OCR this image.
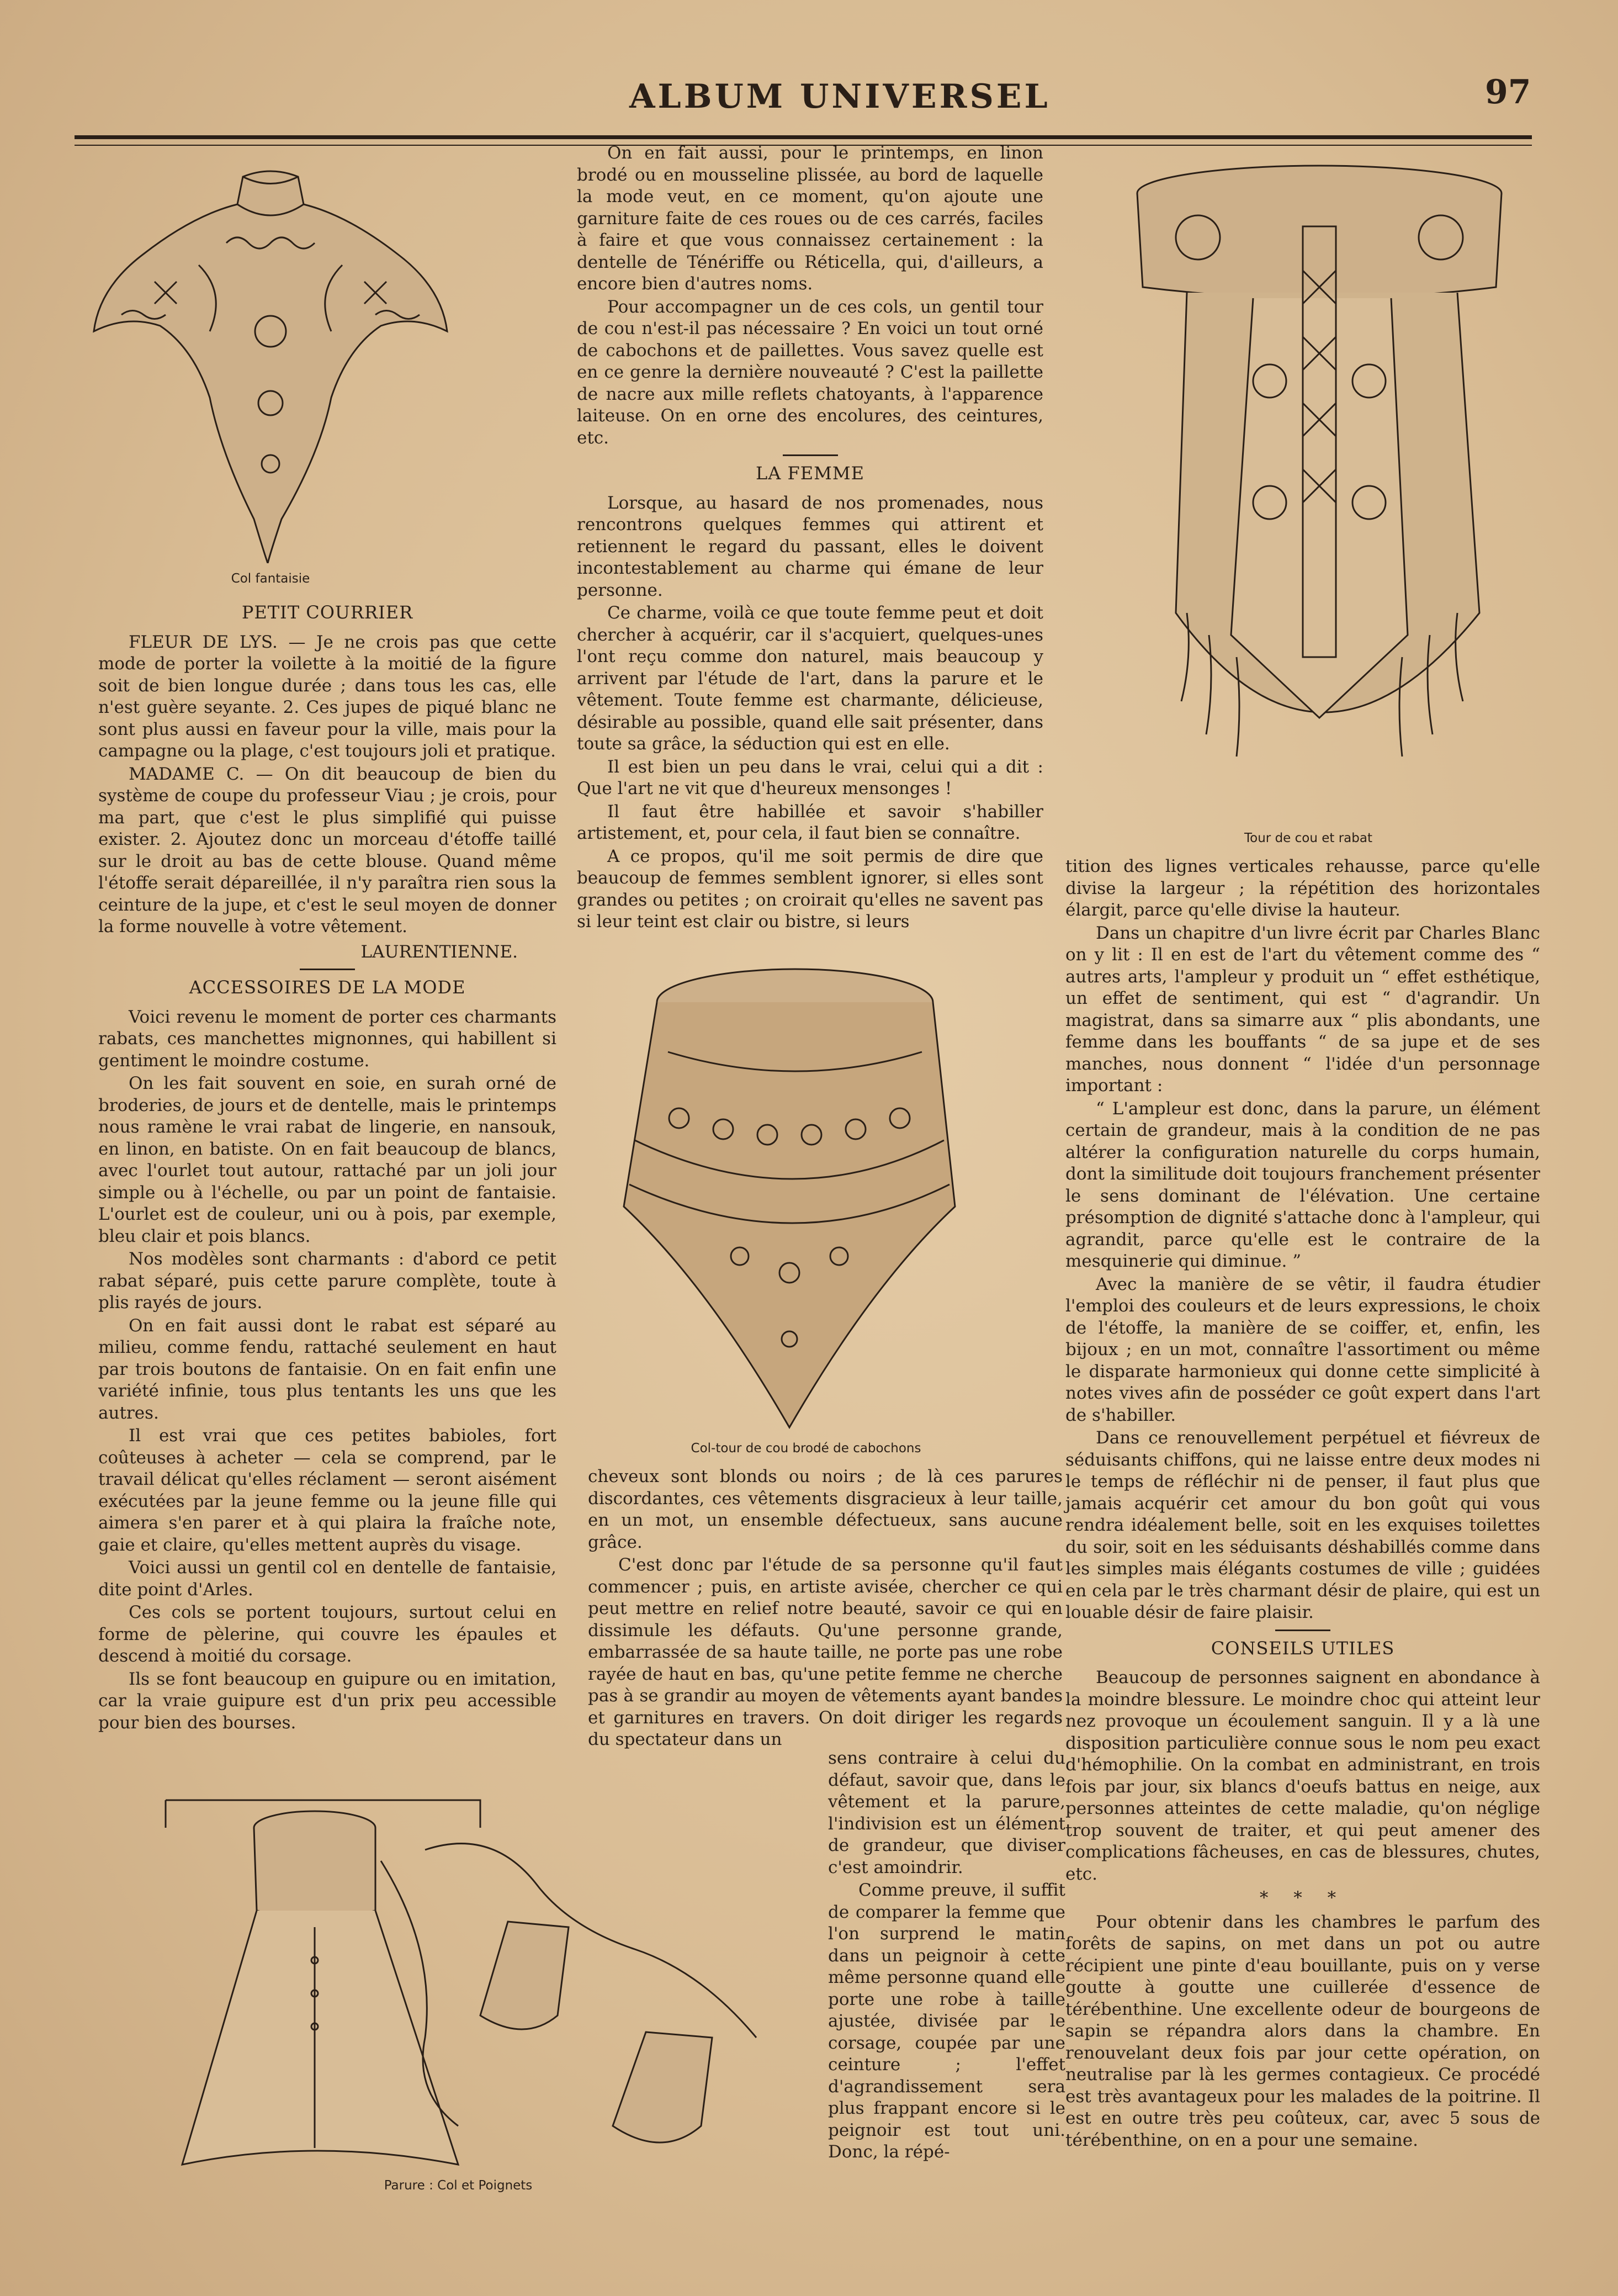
ALBUM UNIVERSEL	97
Col fantaisie
Tour de cou et rabat
Col-tour de cou brodé de cabochons
Parure : Col et Poignets

PETIT COURRIER

FLEUR DE LYS. — Je ne crois pas que cette mode de porter la voilette à la moitié de la figure soit de bien longue durée ; dans tous les cas, elle n'est guère seyante. 2. Ces jupes de piqué blanc ne sont plus aussi en faveur pour la ville, mais pour la campagne ou la plage, c'est toujours joli et pratique.

MADAME C. — On dit beaucoup de bien du système de coupe du professeur Viau ; je crois, pour ma part, que c'est le plus simplifié qui puisse exister. 2. Ajoutez donc un morceau d'étoffe taillé sur le droit au bas de cette blouse. Quand même l'étoffe serait dépareillée, il n'y paraîtra rien sous la ceinture de la jupe, et c'est le seul moyen de donner la forme nouvelle à votre vêtement.

LAURENTIENNE.

ACCESSOIRES DE LA MODE

Voici revenu le moment de porter ces charmants rabats, ces manchettes mignonnes, qui habillent si gentiment le moindre costume.

On les fait souvent en soie, en surah orné de broderies, de jours et de dentelle, mais le printemps nous ramène le vrai rabat de lingerie, en nansouk, en linon, en batiste. On en fait beaucoup de blancs, avec l'ourlet tout autour, rattaché par un joli jour simple ou à l'échelle, ou par un point de fantaisie. L'ourlet est de couleur, uni ou à pois, par exemple, bleu clair et pois blancs.

Nos modèles sont charmants : d'abord ce petit rabat séparé, puis cette parure complète, toute à plis rayés de jours.

On en fait aussi dont le rabat est séparé au milieu, comme fendu, rattaché seulement en haut par trois boutons de fantaisie. On en fait enfin une variété infinie, tous plus tentants les uns que les autres.

Il est vrai que ces petites babioles, fort coûteuses à acheter — cela se comprend, par le travail délicat qu'elles réclament — seront aisément exécutées par la jeune femme ou la jeune fille qui aimera s'en parer et à qui plaira la fraîche note, gaie et claire, qu'elles mettent auprès du visage.

Voici aussi un gentil col en dentelle de fantaisie, dite point d'Arles.

Ces cols se portent toujours, surtout celui en forme de pèlerine, qui couvre les épaules et descend à moitié du corsage.

Ils se font beaucoup en guipure ou en imitation, car la vraie guipure est d'un prix peu accessible pour bien des bourses.

On en fait aussi, pour le printemps, en linon brodé ou en mousseline plissée, au bord de laquelle la mode veut, en ce moment, qu'on ajoute une garniture faite de ces roues ou de ces carrés, faciles à faire et que vous connaissez certainement : la dentelle de Ténériffe ou Réticella, qui, d'ailleurs, a encore bien d'autres noms.

Pour accompagner un de ces cols, un gentil tour de cou n'est-il pas nécessaire ? En voici un tout orné de cabochons et de paillettes. Vous savez quelle est en ce genre la dernière nouveauté ? C'est la paillette de nacre aux mille reflets chatoyants, à l'apparence laiteuse. On en orne des encolures, des ceintures, etc.

LA FEMME

Lorsque, au hasard de nos promenades, nous rencontrons quelques femmes qui attirent et retiennent le regard du passant, elles le doivent incontestablement au charme qui émane de leur personne.

Ce charme, voilà ce que toute femme peut et doit chercher à acquérir, car il s'acquiert, quelques-unes l'ont reçu comme don naturel, mais beaucoup y arrivent par l'étude de l'art, dans la parure et le vêtement. Toute femme est charmante, délicieuse, désirable au possible, quand elle sait présenter, dans toute sa grâce, la séduction qui est en elle.

Il est bien un peu dans le vrai, celui qui a dit : Que l'art ne vit que d'heureux mensonges !

Il faut être habillée et savoir s'habiller artistement, et, pour cela, il faut bien se connaître.

A ce propos, qu'il me soit permis de dire que beaucoup de femmes semblent ignorer, si elles sont grandes ou petites ; on croirait qu'elles ne savent pas si leur teint est clair ou bistre, si leurs

cheveux sont blonds ou noirs ; de là ces parures discordantes, ces vêtements disgracieux à leur taille, en un mot, un ensemble défectueux, sans aucune grâce.

C'est donc par l'étude de sa personne qu'il faut commencer ; puis, en artiste avisée, chercher ce qui peut mettre en relief notre beauté, savoir ce qui en dissimule les défauts. Qu'une personne grande, embarrassée de sa haute taille, ne porte pas une robe rayée de haut en bas, qu'une petite femme ne cherche pas à se grandir au moyen de vêtements ayant bandes et garnitures en travers. On doit diriger les regards du spectateur dans un

sens contraire à celui du défaut, savoir que, dans le vêtement et la parure, l'indivision est un élément de grandeur, que diviser c'est amoindrir.

Comme preuve, il suffit de comparer la femme que l'on surprend le matin dans un peignoir à cette même personne quand elle porte une robe à taille ajustée, divisée par le corsage, coupée par une ceinture ; l'effet d'agrandissement sera plus frappant encore si le peignoir est tout uni. Donc, la répé-

tition des lignes verticales rehausse, parce qu'elle divise la largeur ; la répétition des horizontales élargit, parce qu'elle divise la hauteur.

Dans un chapitre d'un livre écrit par Charles Blanc on y lit : Il en est de l'art du vêtement comme des “ autres arts, l'ampleur y produit un “ effet esthétique, un effet de sentiment, qui est “ d'agrandir. Un magistrat, dans sa simarre aux “ plis abondants, une femme dans les bouffants “ de sa jupe et de ses manches, nous donnent “ l'idée d'un personnage important :

“ L'ampleur est donc, dans la parure, un élément certain de grandeur, mais à la condition de ne pas altérer la configuration naturelle du corps humain, dont la similitude doit toujours franchement présenter le sens dominant de l'élévation. Une certaine présomption de dignité s'attache donc à l'ampleur, qui agrandit, parce qu'elle est le contraire de la mesquinerie qui diminue. ”

Avec la manière de se vêtir, il faudra étudier l'emploi des couleurs et de leurs expressions, le choix de l'étoffe, la manière de se coiffer, et, enfin, les bijoux ; en un mot, connaître l'assortiment ou même le disparate harmonieux qui donne cette simplicité à notes vives afin de posséder ce goût expert dans l'art de s'habiller.

Dans ce renouvellement perpétuel et fiévreux de séduisants chiffons, qui ne laisse entre deux modes ni le temps de réfléchir ni de penser, il faut plus que jamais acquérir cet amour du bon goût qui vous rendra idéalement belle, soit en les exquises toilettes du soir, soit en les séduisants déshabillés comme dans les simples mais élégants costumes de ville ; guidées en cela par le très charmant désir de plaire, qui est un louable désir de faire plaisir.

CONSEILS UTILES

Beaucoup de personnes saignent en abondance à la moindre blessure. Le moindre choc qui atteint leur nez provoque un écoulement sanguin. Il y a là une disposition particulière connue sous le nom peu exact d'hémophilie. On la combat en administrant, en trois fois par jour, six blancs d'oeufs battus en neige, aux personnes atteintes de cette maladie, qu'on néglige trop souvent de traiter, et qui peut amener des complications fâcheuses, en cas de blessures, chutes, etc.

* * *

Pour obtenir dans les chambres le parfum des forêts de sapins, on met dans un pot ou autre récipient une pinte d'eau bouillante, puis on y verse goutte à goutte une cuillerée d'essence de térébenthine. Une excellente odeur de bourgeons de sapin se répandra alors dans la chambre. En renouvelant deux fois par jour cette opération, on neutralise par là les germes contagieux. Ce procédé est très avantageux pour les malades de la poitrine. Il est en outre très peu coûteux, car, avec 5 sous de térébenthine, on en a pour une semaine.
